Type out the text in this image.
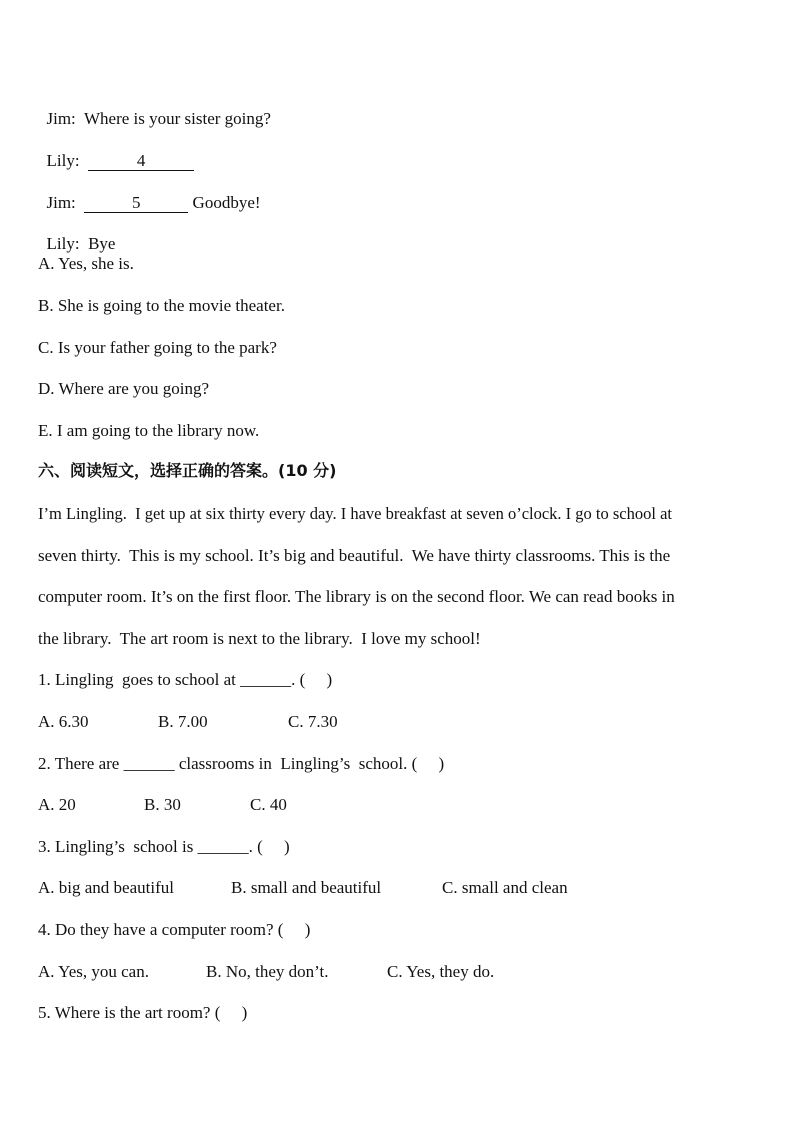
Jim: Where is your sister going?

Lily:	4

Jim:	5	Goodbye!

Lily: Bye

A. Yes, she is.
B. She is going to the movie theater.
C. Is your father going to the park?
D. Where are you going?
E. I am going to the library now.
六、阅读短文，选择正确的答案。(10 分)
I’m Lingling.  I get up at six thirty every day. I have breakfast at seven o’clock. I go to school at
seven thirty.  This is my school. It’s big and beautiful.  We have thirty classrooms. This is the
computer room. It’s on the first floor. The library is on the second floor. We can read books in
the library.  The art room is next to the library.  I love my school!
1. Lingling  goes to school at ______. (     )
A. 6.30	B. 7.00	C. 7.30
2. There are ______ classrooms in  Lingling’s  school. (     )
A. 20	B. 30	C. 40
3. Lingling’s  school is ______. (     )
A. big and beautiful	B. small and beautiful	C. small and clean
4. Do they have a computer room? (     )
A. Yes, you can.	B. No, they don’t.	C. Yes, they do.
5. Where is the art room? (     )
